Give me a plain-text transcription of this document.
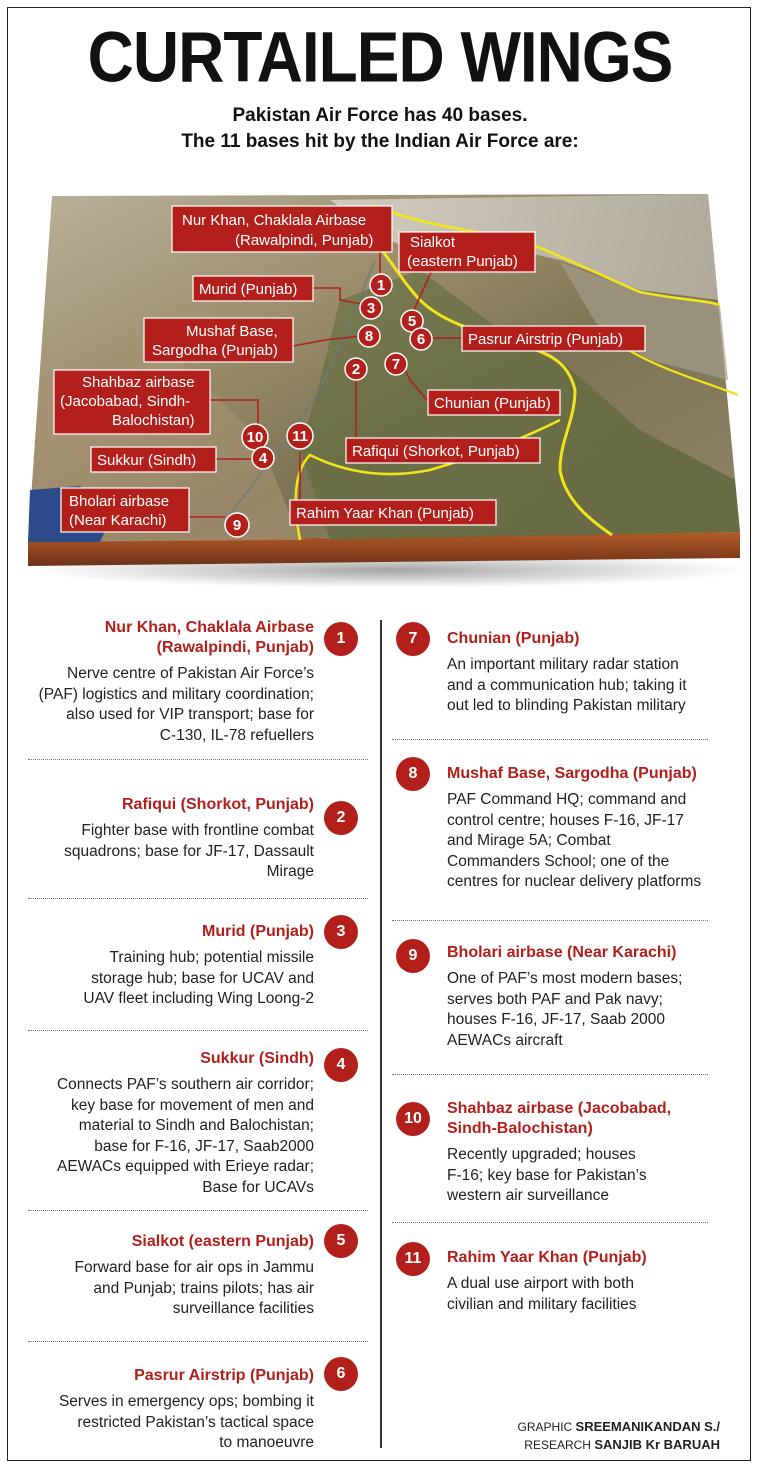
CURTAILED WINGS
Pakistan Air Force has 40 bases.
The 11 bases hit by the Indian Air Force are:
Nur Khan, Chaklala Airbase
(Rawalpindi, Punjab) Sialkot
(eastern Punjab)
Murid (Punjab)
Mushaf Base,
Sargodha (Punjab)
Pasrur Airstrip (Punjab)
Shahbaz airbase
(Jacobabad, Sindh-
Balochistan)
Chunian (Punjab)
Rafiqui (Shorkot, Punjab)
Sukkur (Sindh)
Bholari airbase
(Near Karachi)	Rahim Yaar Khan (Punjab)
1
3
5
8	6
7
2
10 11
4
9
Nur Khan, Chaklala Airbase
(Rawalpindi, Punjab)
Nerve centre of Pakistan Air Force’s
(PAF) logistics and military coordination;
also used for VIP transport; base for
C-130, IL-78 refuellers
1
Rafiqui (Shorkot, Punjab)
Fighter base with frontline combat
squadrons; base for JF-17, Dassault
Mirage
2
Murid (Punjab)
Training hub; potential missile
storage hub; base for UCAV and
UAV fleet including Wing Loong-2
3
Sukkur (Sindh)
Connects PAF’s southern air corridor;
key base for movement of men and
material to Sindh and Balochistan;
base for F-16, JF-17, Saab2000
AEWACs equipped with Erieye radar;
Base for UCAVs
4
Sialkot (eastern Punjab)
Forward base for air ops in Jammu
and Punjab; trains pilots; has air
surveillance facilities
5
Pasrur Airstrip (Punjab)
Serves in emergency ops; bombing it
restricted Pakistan’s tactical space
to manoeuvre
6
7	Chunian (Punjab)
An important military radar station
and a communication hub; taking it
out led to blinding Pakistan military
8	Mushaf Base, Sargodha (Punjab)
PAF Command HQ; command and
control centre; houses F-16, JF-17
and Mirage 5A; Combat
Commanders School; one of the
centres for nuclear delivery platforms
9	Bholari airbase (Near Karachi)
One of PAF’s most modern bases;
serves both PAF and Pak navy;
houses F-16, JF-17, Saab 2000
AEWACs aircraft
10
Shahbaz airbase (Jacobabad,
Sindh-Balochistan)
Recently upgraded; houses
F-16; key base for Pakistan’s
western air surveillance
11	Rahim Yaar Khan (Punjab)
A dual use airport with both
civilian and military facilities
GRAPHIC SREEMANIKANDAN S./
RESEARCH SANJIB Kr BARUAH
